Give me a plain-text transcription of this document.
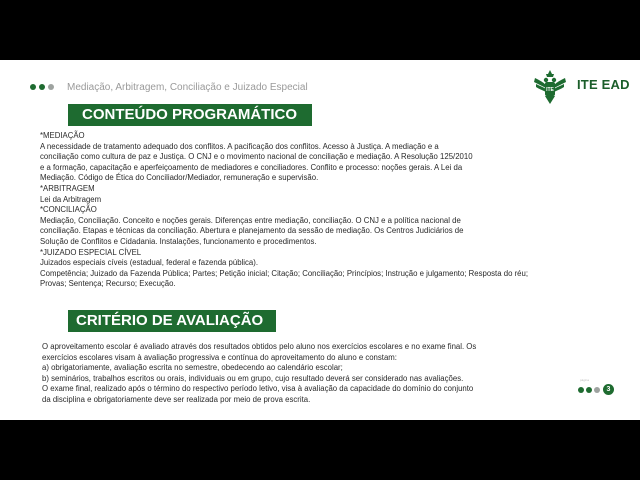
Mediação, Arbitragem, Conciliação e Juizado Especial	ITE ITE EAD
CONTEÚDO PROGRAMÁTICO
*MEDIAÇÃO
A necessidade de tratamento adequado dos conflitos. A pacificação dos conflitos. Acesso à Justiça. A mediação e a
conciliação como cultura de paz e Justiça. O CNJ e o movimento nacional de conciliação e mediação. A Resolução 125/2010
e a formação, capacitação e aperfeiçoamento de mediadores e conciliadores. Conflito e processo: noções gerais. A Lei da
Mediação. Código de Ética do Conciliador/Mediador, remuneração e supervisão.
*ARBITRAGEM
Lei da Arbitragem
*CONCILIAÇÃO
Mediação, Conciliação. Conceito e noções gerais. Diferenças entre mediação, conciliação. O CNJ e a política nacional de
conciliação. Etapas e técnicas da conciliação. Abertura e planejamento da sessão de mediação. Os Centros Judiciários de
Solução de Conflitos e Cidadania. Instalações, funcionamento e procedimentos.
*JUIZADO ESPECIAL CÍVEL
Juizados especiais cíveis (estadual, federal e fazenda pública).
Competência; Juizado da Fazenda Pública; Partes; Petição inicial; Citação; Conciliação; Princípios; Instrução e julgamento; Resposta do réu;
Provas; Sentença; Recurso; Execução.
CRITÉRIO DE AVALIAÇÃO
O aproveitamento escolar é avaliado através dos resultados obtidos pelo aluno nos exercícios escolares e no exame final. Os
exercícios escolares visam à avaliação progressiva e contínua do aproveitamento do aluno e constam:
a) obrigatoriamente, avaliação escrita no semestre, obedecendo ao calendário escolar;
b) seminários, trabalhos escritos ou orais, individuais ou em grupo, cujo resultado deverá ser considerado nas avaliações.
O exame final, realizado após o término do respectivo período letivo, visa à avaliação da capacidade do domínio do conjunto
da disciplina e obrigatoriamente deve ser realizada por meio de prova escrita.
página
3
